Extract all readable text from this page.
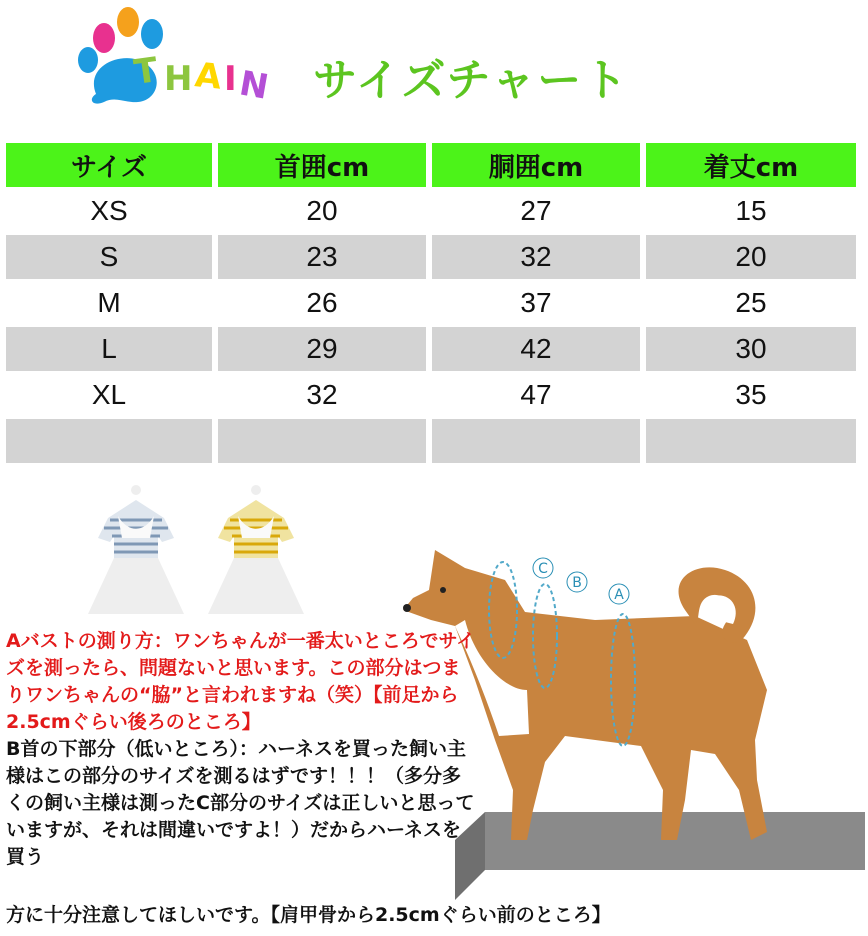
T H A I N サイズチャート
サイズ	首囲cm	胴囲cm	着丈cm
XS	20	27	15
S	23	32	20
M	26	37	25
L	29	42	30
XL	32	47	35
C
B
A

Aバストの測り方：ワンちゃんが一番太いところでサイズを測ったら、問題ないと思います。この部分はつまりワンちゃんの“脇”と言われますね（笑）【前足から2.5cmぐらい後ろのところ】

B首の下部分（低いところ）：ハーネスを買った飼い主様はこの部分のサイズを測るはずです！！！（多分多くの飼い主様は測ったC部分のサイズは正しいと思っていますが、それは間違いですよ！）だからハーネスを買う

方に十分注意してほしいです。【肩甲骨から2.5cmぐらい前のところ】
